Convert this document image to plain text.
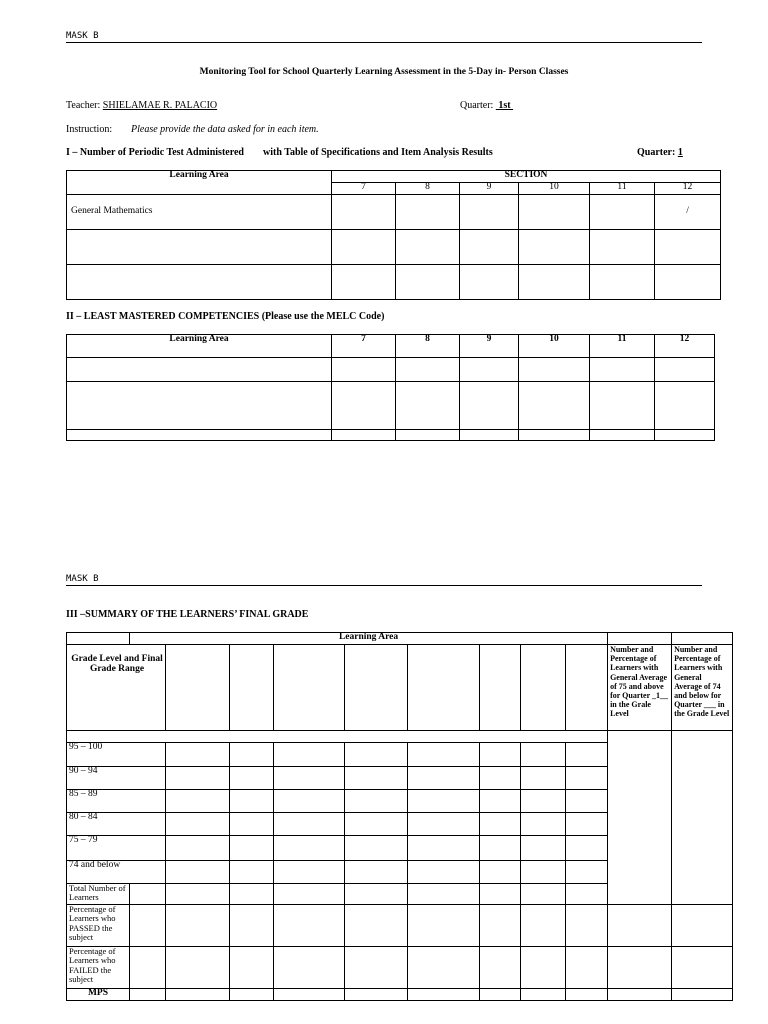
MASK B
Monitoring Tool for School Quarterly Learning Assessment in the 5-Day in- Person Classes
Teacher: SHIELAMAE R. PALACIO	Quarter:  1st
Instruction: Please provide the data asked for in each item.
I – Number of Periodic Test Administered with Table of Specifications and Item Analysis Results	Quarter: 1
Learning Area	SECTION					
	7	8	9	10	11	12
General Mathematics						/

II – LEAST MASTERED COMPETENCIES (Please use the MELC Code)
Learning Area	7	8	9	10	11	12

MASK B
III –SUMMARY OF THE LEARNERS’ FINAL GRADE
	Learning Area										

Grade Level and Final Grade Range										Number and Percentage of Learners with General Average of 75 and above for Quarter _1__ in the Grale Level	Number and Percentage of Learners with General Average of 74 and below for Quarter ___ in the Grade Level

95 – 100											
90 – 94											
85 – 89											
80 – 84											
75 – 79											
74 and below											
Total Number of Learners											
Percentage of Learners who PASSED the subject											
Percentage of Learners who FAILED the subject											
MPS											
